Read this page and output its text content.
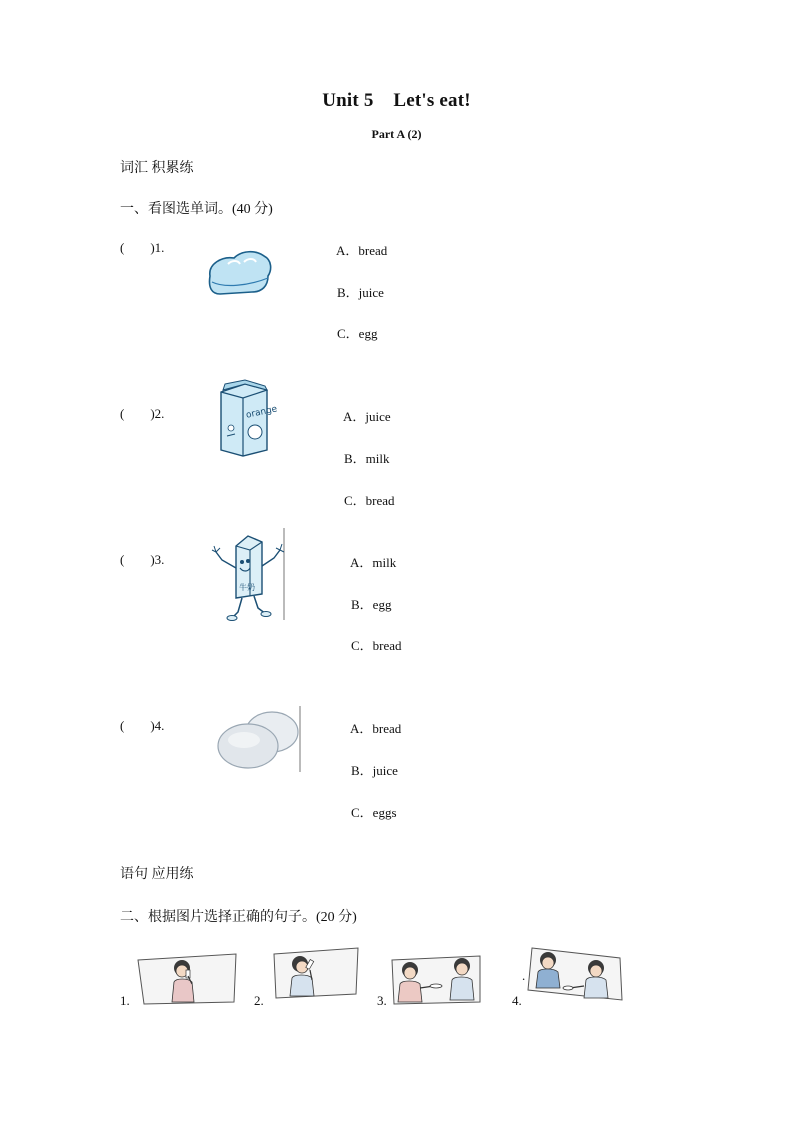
Unit 5    Let's eat!
Part A (2)
词汇 积累练
一、看图选单词。(40 分)
(        )1.	A．bread
B．juice
C．egg
(        )2.	orange	A．juice
B．milk
C．bread
(        )3.
牛奶
A．milk
B．egg
C．bread
(        )4.	A．bread
B．juice
C．eggs
语句 应用练
二、根据图片选择正确的句子。(20 分)
1.	2.	3.	4.
.
